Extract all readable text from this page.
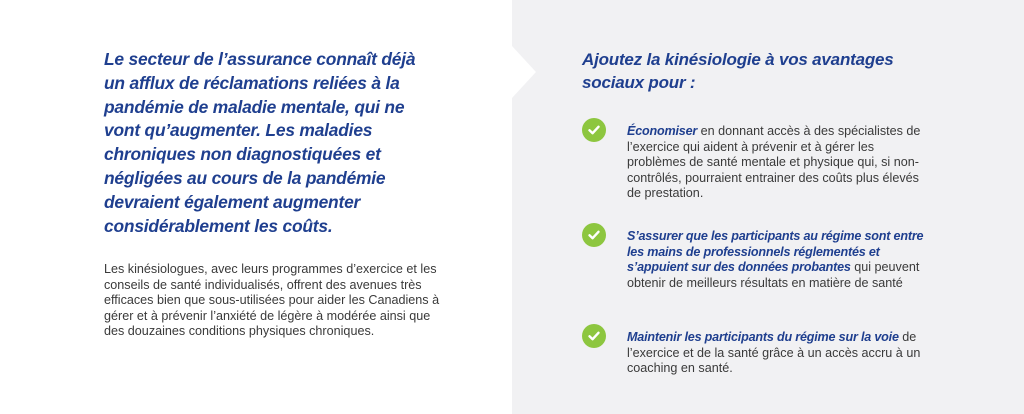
Le secteur de l’assurance connaît déjà un afflux de réclamations reliées à la pandémie de maladie mentale, qui ne vont qu’augmenter. Les maladies chroniques non diagnostiquées et négligées au cours de la pandémie devraient également augmenter considérablement les coûts.

Les kinésiologues, avec leurs programmes d’exercice et les conseils de santé individualisés, offrent des avenues très efficaces bien que sous-utilisées pour aider les Canadiens à gérer et à prévenir l’anxiété de légère à modérée ainsi que des douzaines conditions physiques chroniques.

Ajoutez la kinésiologie à vos avantages sociaux pour :

Économiser en donnant accès à des spécialistes de l’exercice qui aident à prévenir et à gérer les problèmes de santé mentale et physique qui, si non-contrôlés, pourraient entrainer des coûts plus élevés de prestation.

S’assurer que les participants au régime sont entre les mains de professionnels réglementés et s’appuient sur des données probantes qui peuvent obtenir de meilleurs résultats en matière de santé

Maintenir les participants du régime sur la voie de l’exercice et de la santé grâce à un accès accru à un coaching en santé.
